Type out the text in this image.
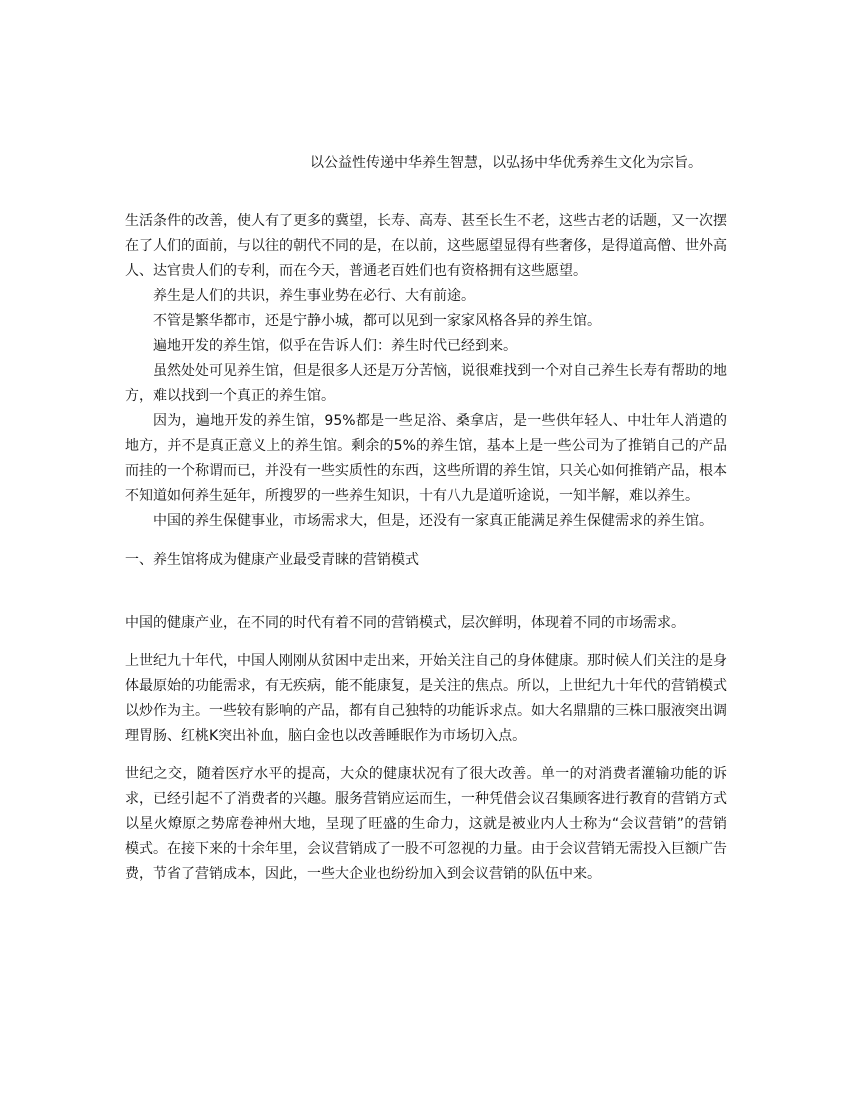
以公益性传递中华养生智慧，以弘扬中华优秀养生文化为宗旨。

生活条件的改善，使人有了更多的冀望，长寿、高寿、甚至长生不老，这些古老的话题，又一次摆在了人们的面前，与以往的朝代不同的是，在以前，这些愿望显得有些奢侈，是得道高僧、世外高人、达官贵人们的专利，而在今天，普通老百姓们也有资格拥有这些愿望。

养生是人们的共识，养生事业势在必行、大有前途。

不管是繁华都市，还是宁静小城，都可以见到一家家风格各异的养生馆。

遍地开发的养生馆，似乎在告诉人们：养生时代已经到来。

虽然处处可见养生馆，但是很多人还是万分苦恼，说很难找到一个对自己养生长寿有帮助的地方，难以找到一个真正的养生馆。

因为，遍地开发的养生馆，95%都是一些足浴、桑拿店，是一些供年轻人、中壮年人消遣的地方，并不是真正意义上的养生馆。剩余的5%的养生馆，基本上是一些公司为了推销自己的产品而挂的一个称谓而已，并没有一些实质性的东西，这些所谓的养生馆，只关心如何推销产品，根本不知道如何养生延年，所搜罗的一些养生知识，十有八九是道听途说，一知半解，难以养生。

中国的养生保健事业，市场需求大，但是，还没有一家真正能满足养生保健需求的养生馆。

一、养生馆将成为健康产业最受青睐的营销模式

中国的健康产业，在不同的时代有着不同的营销模式，层次鲜明，体现着不同的市场需求。

上世纪九十年代，中国人刚刚从贫困中走出来，开始关注自己的身体健康。那时候人们关注的是身体最原始的功能需求，有无疾病，能不能康复，是关注的焦点。所以，上世纪九十年代的营销模式以炒作为主。一些较有影响的产品，都有自己独特的功能诉求点。如大名鼎鼎的三株口服液突出调理胃肠、红桃K突出补血，脑白金也以改善睡眠作为市场切入点。

世纪之交，随着医疗水平的提高，大众的健康状况有了很大改善。单一的对消费者灌输功能的诉求，已经引起不了消费者的兴趣。服务营销应运而生，一种凭借会议召集顾客进行教育的营销方式以星火燎原之势席卷神州大地，呈现了旺盛的生命力，这就是被业内人士称为“会议营销”的营销模式。在接下来的十余年里，会议营销成了一股不可忽视的力量。由于会议营销无需投入巨额广告费，节省了营销成本，因此，一些大企业也纷纷加入到会议营销的队伍中来。
